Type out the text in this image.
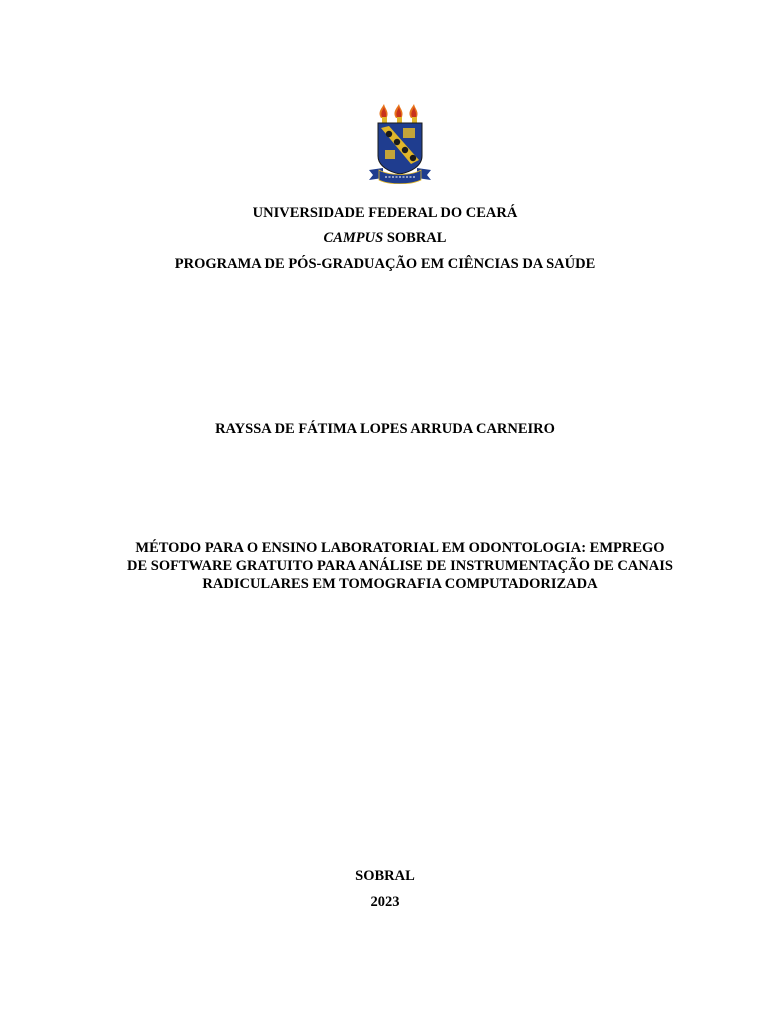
UNIVERSIDADE FEDERAL DO CEARÁ
CAMPUS SOBRAL
PROGRAMA DE PÓS-GRADUAÇÃO EM CIÊNCIAS DA SAÚDE
RAYSSA DE FÁTIMA LOPES ARRUDA CARNEIRO
MÉTODO PARA O ENSINO LABORATORIAL EM ODONTOLOGIA: EMPREGO
DE SOFTWARE GRATUITO PARA ANÁLISE DE INSTRUMENTAÇÃO DE CANAIS
RADICULARES EM TOMOGRAFIA COMPUTADORIZADA
SOBRAL
2023
